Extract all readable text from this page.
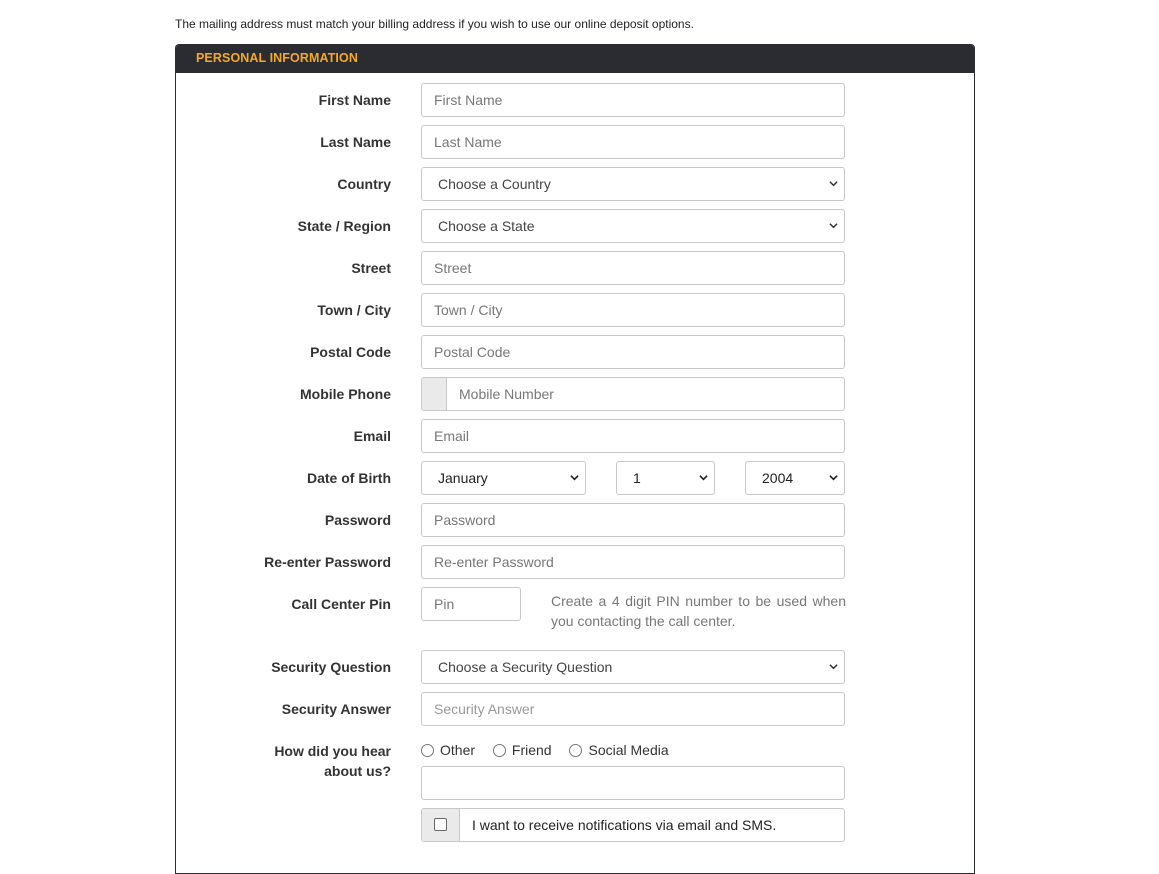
The mailing address must match your billing address if you wish to use our online deposit options.
PERSONAL INFORMATION
First Name	First Name
Last Name	Last Name
Country	Choose a Country
State / Region	Choose a State
Street	Street
Town / City	Town / City
Postal Code	Postal Code
Mobile Phone	Mobile Number
Email	Email
Date of Birth	January	1	2004
Password	Password
Re-enter Password	Re-enter Password
Call Center Pin	Pin	Create a 4 digit PIN number to be used when you contacting the call center.
Security Question	Choose a Security Question
Security Answer	Security Answer
How did you hear
about us?
Other
	Friend
	Social Media
I want to receive notifications via email and SMS.
